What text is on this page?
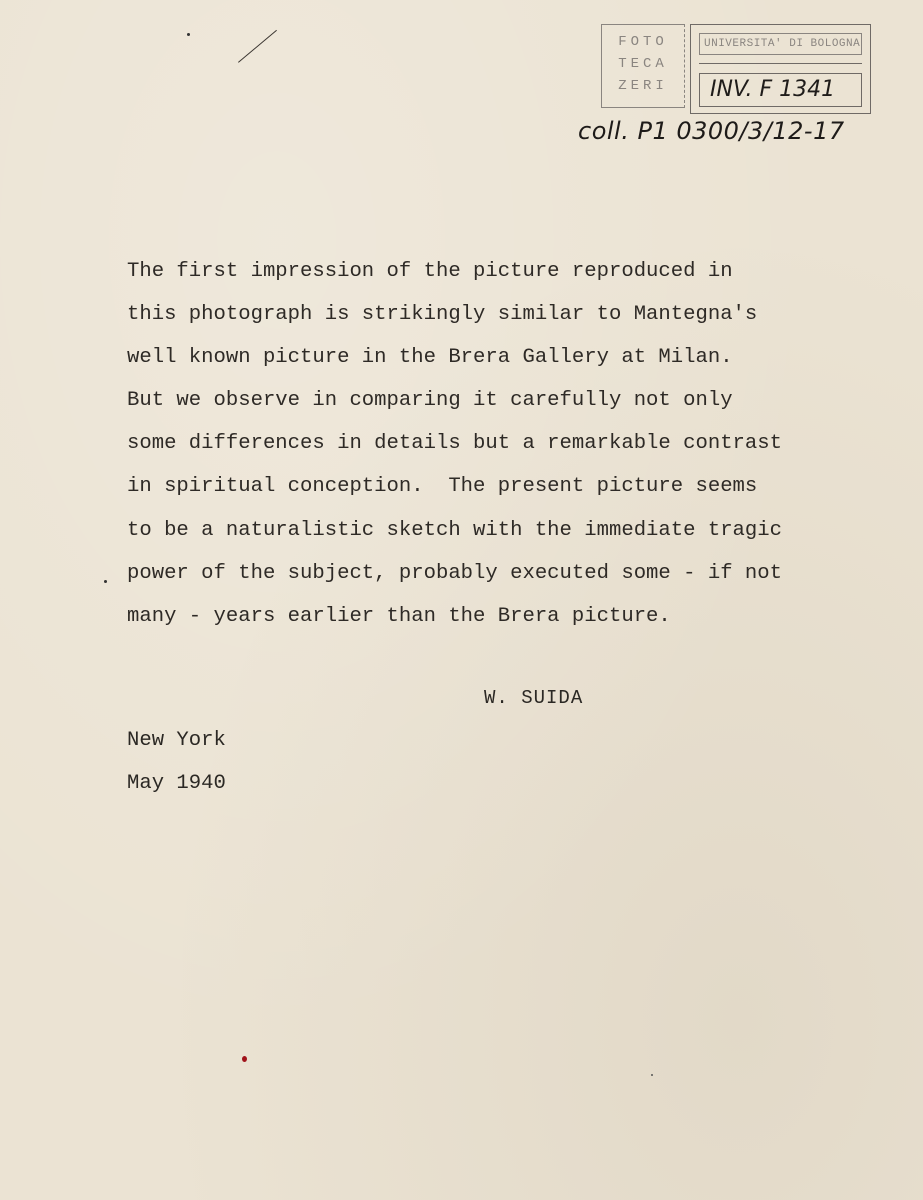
FOTO
TECA
ZERI
UNIVERSITA' DI BOLOGNA
INV. F 1341
coll. P1 0300/3/12-17
The first impression of the picture reproduced in
this photograph is strikingly similar to Mantegna's
well known picture in the Brera Gallery at Milan.
But we observe in comparing it carefully not only
some differences in details but a remarkable contrast
in spiritual conception.  The present picture seems
to be a naturalistic sketch with the immediate tragic
power of the subject, probably executed some - if not
many - years earlier than the Brera picture.
W. SUIDA
New York
May 1940
